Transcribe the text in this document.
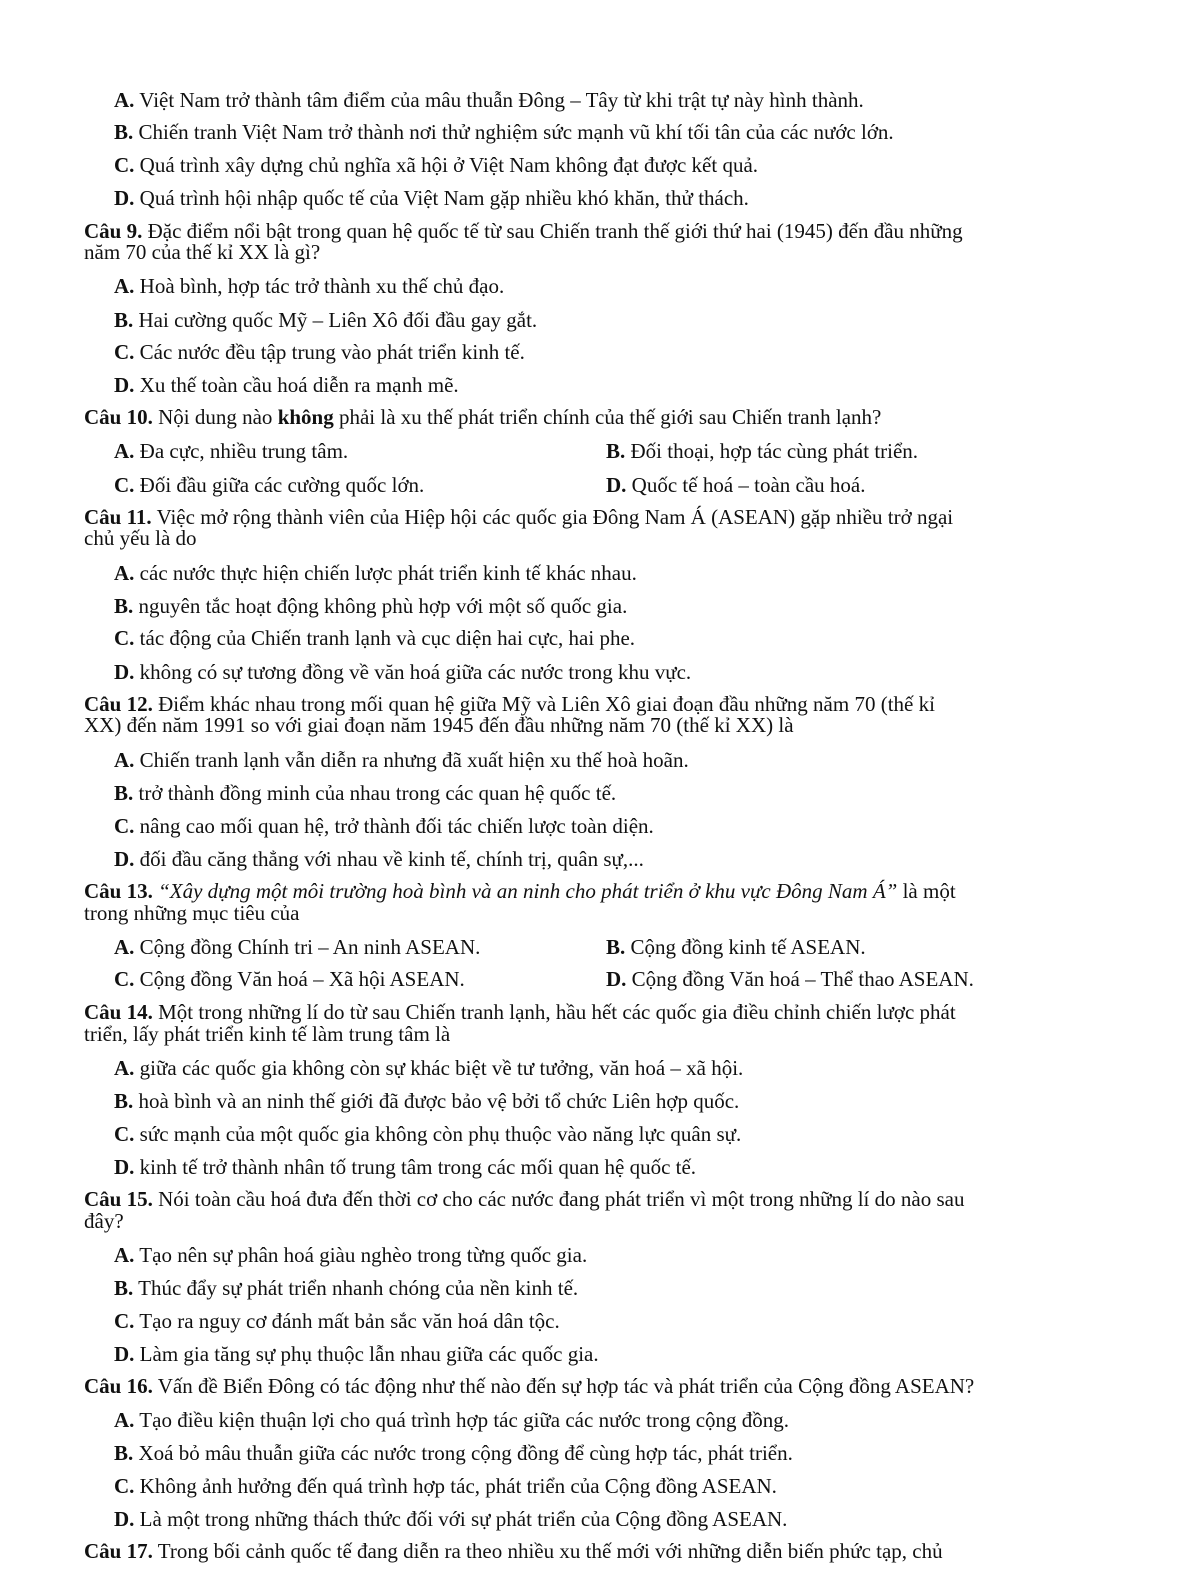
A. Việt Nam trở thành tâm điểm của mâu thuẫn Đông – Tây từ khi trật tự này hình thành.
B. Chiến tranh Việt Nam trở thành nơi thử nghiệm sức mạnh vũ khí tối tân của các nước lớn.
C. Quá trình xây dựng chủ nghĩa xã hội ở Việt Nam không đạt được kết quả.
D. Quá trình hội nhập quốc tế của Việt Nam gặp nhiều khó khăn, thử thách.
Câu 9. Đặc điểm nổi bật trong quan hệ quốc tế từ sau Chiến tranh thế giới thứ hai (1945) đến đầu những
năm 70 của thế kỉ XX là gì?
A. Hoà bình, hợp tác trở thành xu thế chủ đạo.
B. Hai cường quốc Mỹ – Liên Xô đối đầu gay gắt.
C. Các nước đều tập trung vào phát triển kinh tế.
D. Xu thế toàn cầu hoá diễn ra mạnh mẽ.
Câu 10. Nội dung nào không phải là xu thế phát triển chính của thế giới sau Chiến tranh lạnh?
A. Đa cực, nhiều trung tâm.	B. Đối thoại, hợp tác cùng phát triển.
C. Đối đầu giữa các cường quốc lớn.	D. Quốc tế hoá – toàn cầu hoá.
Câu 11. Việc mở rộng thành viên của Hiệp hội các quốc gia Đông Nam Á (ASEAN) gặp nhiều trở ngại
chủ yếu là do
A. các nước thực hiện chiến lược phát triển kinh tế khác nhau.
B. nguyên tắc hoạt động không phù hợp với một số quốc gia.
C. tác động của Chiến tranh lạnh và cục diện hai cực, hai phe.
D. không có sự tương đồng về văn hoá giữa các nước trong khu vực.
Câu 12. Điểm khác nhau trong mối quan hệ giữa Mỹ và Liên Xô giai đoạn đầu những năm 70 (thế kỉ
XX) đến năm 1991 so với giai đoạn năm 1945 đến đầu những năm 70 (thế kỉ XX) là
A. Chiến tranh lạnh vẫn diễn ra nhưng đã xuất hiện xu thế hoà hoãn.
B. trở thành đồng minh của nhau trong các quan hệ quốc tế.
C. nâng cao mối quan hệ, trở thành đối tác chiến lược toàn diện.
D. đối đầu căng thẳng với nhau về kinh tế, chính trị, quân sự,...
Câu 13. “Xây dựng một môi trường hoà bình và an ninh cho phát triển ở khu vực Đông Nam Á” là một
trong những mục tiêu của
A. Cộng đồng Chính tri – An ninh ASEAN.	B. Cộng đồng kinh tế ASEAN.
C. Cộng đồng Văn hoá – Xã hội ASEAN.	D. Cộng đồng Văn hoá – Thể thao ASEAN.
Câu 14. Một trong những lí do từ sau Chiến tranh lạnh, hầu hết các quốc gia điều chỉnh chiến lược phát
triển, lấy phát triển kinh tế làm trung tâm là
A. giữa các quốc gia không còn sự khác biệt về tư tưởng, văn hoá – xã hội.
B. hoà bình và an ninh thế giới đã được bảo vệ bởi tổ chức Liên hợp quốc.
C. sức mạnh của một quốc gia không còn phụ thuộc vào năng lực quân sự.
D. kinh tế trở thành nhân tố trung tâm trong các mối quan hệ quốc tế.
Câu 15. Nói toàn cầu hoá đưa đến thời cơ cho các nước đang phát triển vì một trong những lí do nào sau
đây?
A. Tạo nên sự phân hoá giàu nghèo trong từng quốc gia.
B. Thúc đẩy sự phát triển nhanh chóng của nền kinh tế.
C. Tạo ra nguy cơ đánh mất bản sắc văn hoá dân tộc.
D. Làm gia tăng sự phụ thuộc lẫn nhau giữa các quốc gia.
Câu 16. Vấn đề Biển Đông có tác động như thế nào đến sự hợp tác và phát triển của Cộng đồng ASEAN?
A. Tạo điều kiện thuận lợi cho quá trình hợp tác giữa các nước trong cộng đồng.
B. Xoá bỏ mâu thuẫn giữa các nước trong cộng đồng để cùng hợp tác, phát triển.
C. Không ảnh hưởng đến quá trình hợp tác, phát triển của Cộng đồng ASEAN.
D. Là một trong những thách thức đối với sự phát triển của Cộng đồng ASEAN.
Câu 17. Trong bối cảnh quốc tế đang diễn ra theo nhiều xu thế mới với những diễn biến phức tạp, chủ
